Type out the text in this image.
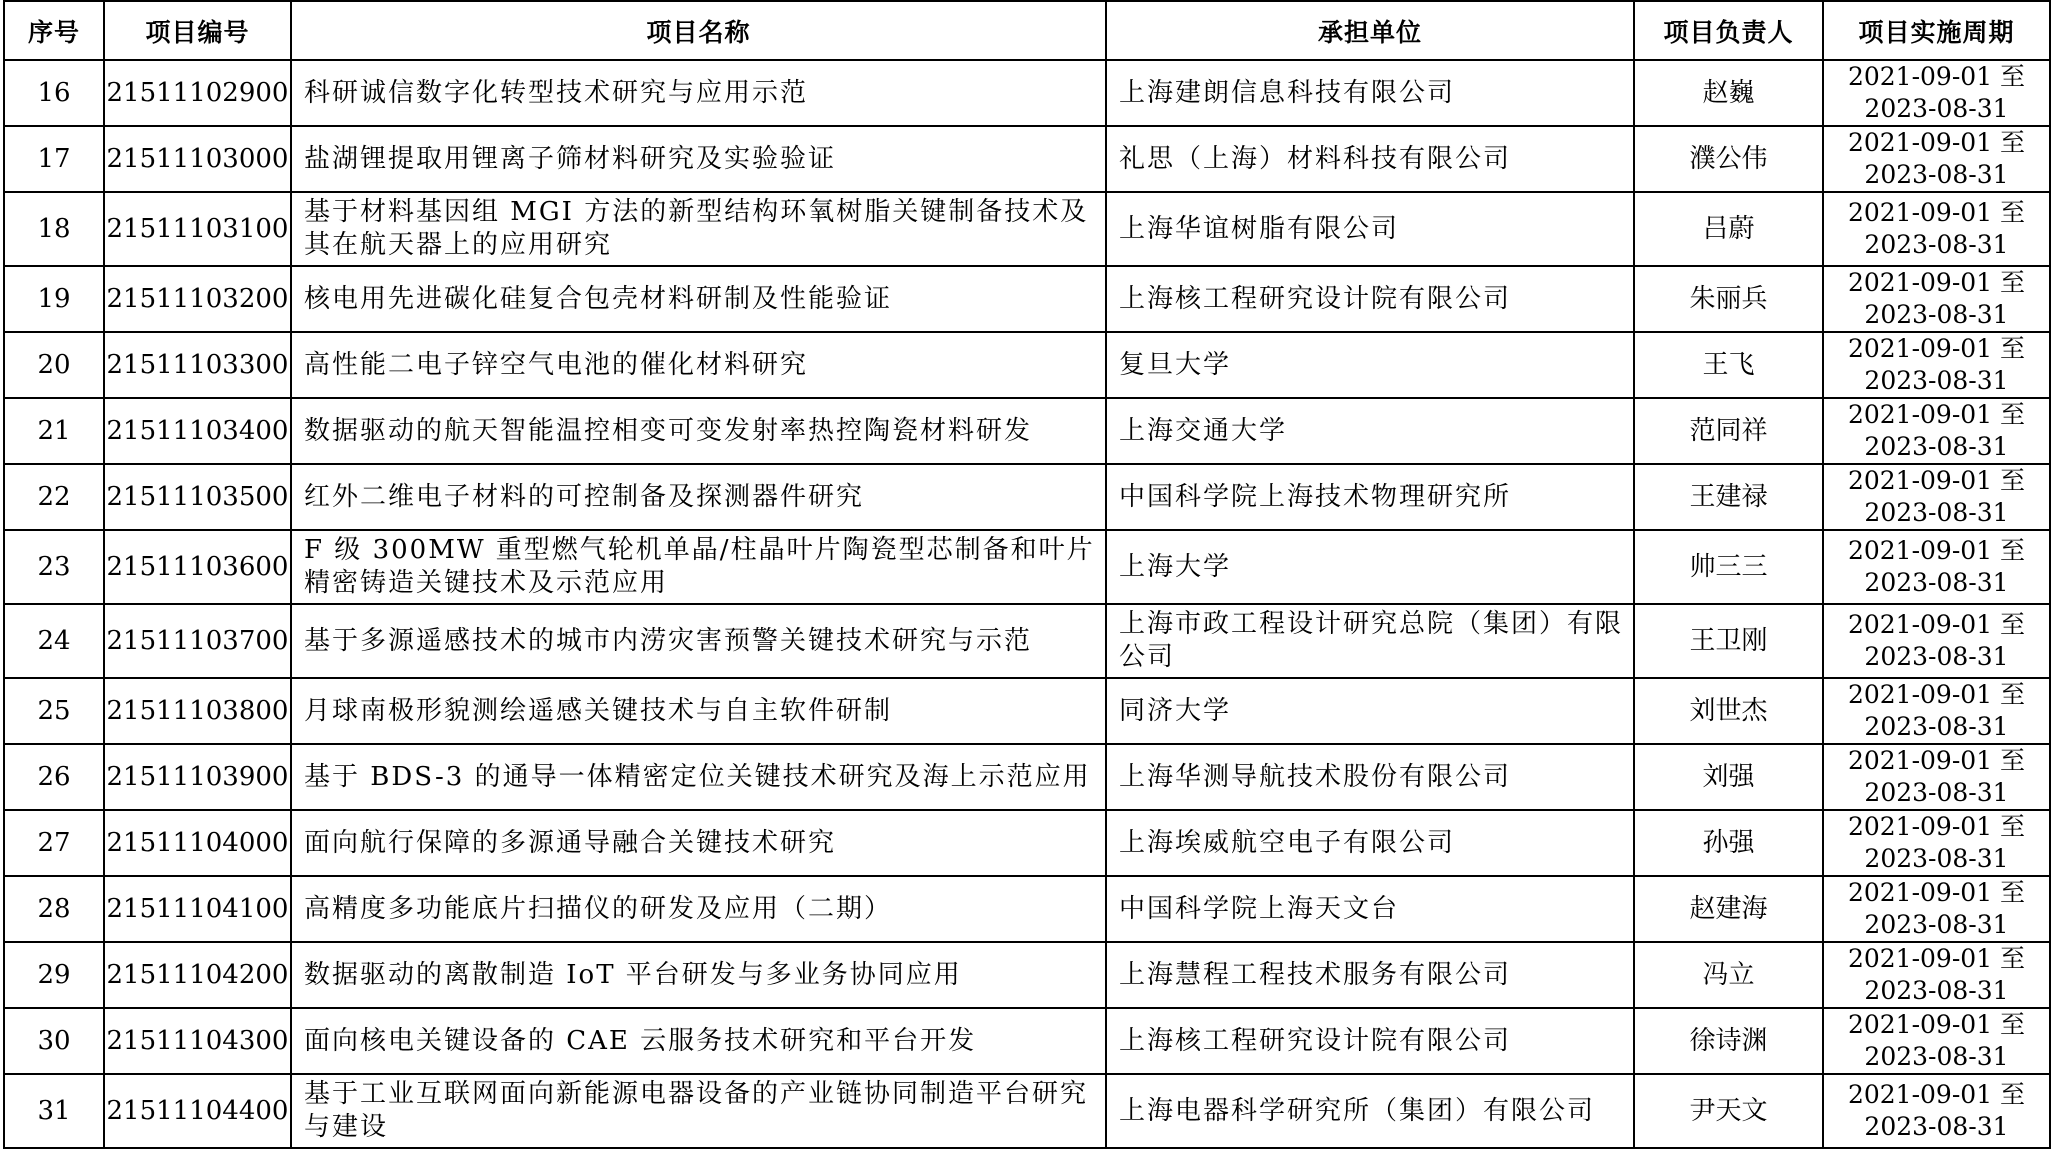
序号	项目编号	项目名称	承担单位	项目负责人	项目实施周期
16	21511102900	科研诚信数字化转型技术研究与应用示范	上海建朗信息科技有限公司	赵巍	2021-09-01 至
2023-08-31

17	21511103000	盐湖锂提取用锂离子筛材料研究及实验验证	礼思（上海）材料科技有限公司	濮公伟	2021-09-01 至
2023-08-31

18	21511103100	基于材料基因组 MGI 方法的新型结构环氧树脂关键制备技术及其在航天器上的应用研究	上海华谊树脂有限公司	吕蔚	2021-09-01 至
2023-08-31

19	21511103200	核电用先进碳化硅复合包壳材料研制及性能验证	上海核工程研究设计院有限公司	朱丽兵	2021-09-01 至
2023-08-31

20	21511103300	高性能二电子锌空气电池的催化材料研究	复旦大学	王飞	2021-09-01 至
2023-08-31

21	21511103400	数据驱动的航天智能温控相变可变发射率热控陶瓷材料研发	上海交通大学	范同祥	2021-09-01 至
2023-08-31

22	21511103500	红外二维电子材料的可控制备及探测器件研究	中国科学院上海技术物理研究所	王建禄	2021-09-01 至
2023-08-31

23	21511103600	F 级 300MW 重型燃气轮机单晶/柱晶叶片陶瓷型芯制备和叶片精密铸造关键技术及示范应用	上海大学	帅三三	2021-09-01 至
2023-08-31

24	21511103700	基于多源遥感技术的城市内涝灾害预警关键技术研究与示范	上海市政工程设计研究总院（集团）有限公司	王卫刚	2021-09-01 至
2023-08-31

25	21511103800	月球南极形貌测绘遥感关键技术与自主软件研制	同济大学	刘世杰	2021-09-01 至
2023-08-31

26	21511103900	基于 BDS-3 的通导一体精密定位关键技术研究及海上示范应用	上海华测导航技术股份有限公司	刘强	2021-09-01 至
2023-08-31

27	21511104000	面向航行保障的多源通导融合关键技术研究	上海埃威航空电子有限公司	孙强	2021-09-01 至
2023-08-31

28	21511104100	高精度多功能底片扫描仪的研发及应用（二期）	中国科学院上海天文台	赵建海	2021-09-01 至
2023-08-31

29	21511104200	数据驱动的离散制造 IoT 平台研发与多业务协同应用	上海慧程工程技术服务有限公司	冯立	2021-09-01 至
2023-08-31

30	21511104300	面向核电关键设备的 CAE 云服务技术研究和平台开发	上海核工程研究设计院有限公司	徐诗渊	2021-09-01 至
2023-08-31

31	21511104400	基于工业互联网面向新能源电器设备的产业链协同制造平台研究与建设	上海电器科学研究所（集团）有限公司	尹天文	2021-09-01 至
2023-08-31
